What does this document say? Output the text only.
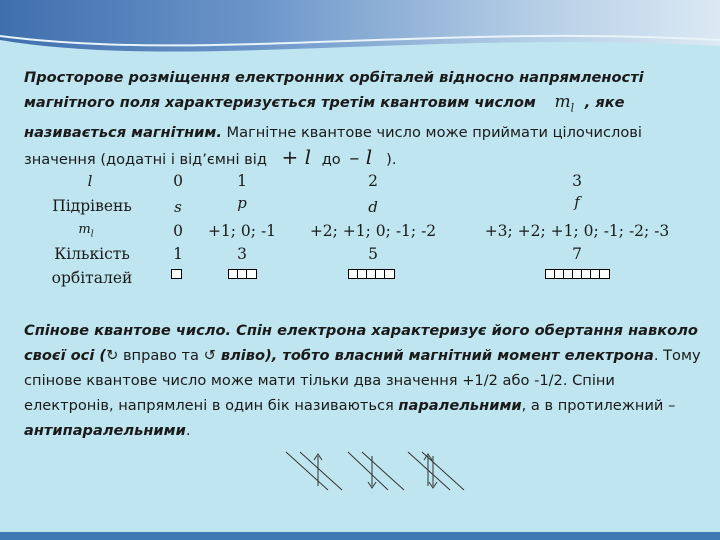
Просторове розміщення електронних орбіталей відносно напрямленості магнітного поля характеризується третім квантовим числом $m_l$ , яке називається магнітним. Магнітне квантове число може приймати цілочислові значення (додатні і від’ємні від + l до – l ).
l
Підрівень
$m_l$
Кількість
орбіталей
0
s
0
1
1
p
+1; 0; -1
3
2
d
+2; +1; 0; -1; -2
5
3
f
+3; +2; +1; 0; -1; -2; -3
7
Спінове квантове число. Спін електрона характеризує його обертання навколо своєї осі (↻ вправо та ↺ вліво), тобто власний магнітний момент електрона. Тому спінове квантове число може мати тільки два значення +1/2 або -1/2. Спіни електронів, напрямлені в один бік називаються паралельними, а в протилежний – антипаралельними.
